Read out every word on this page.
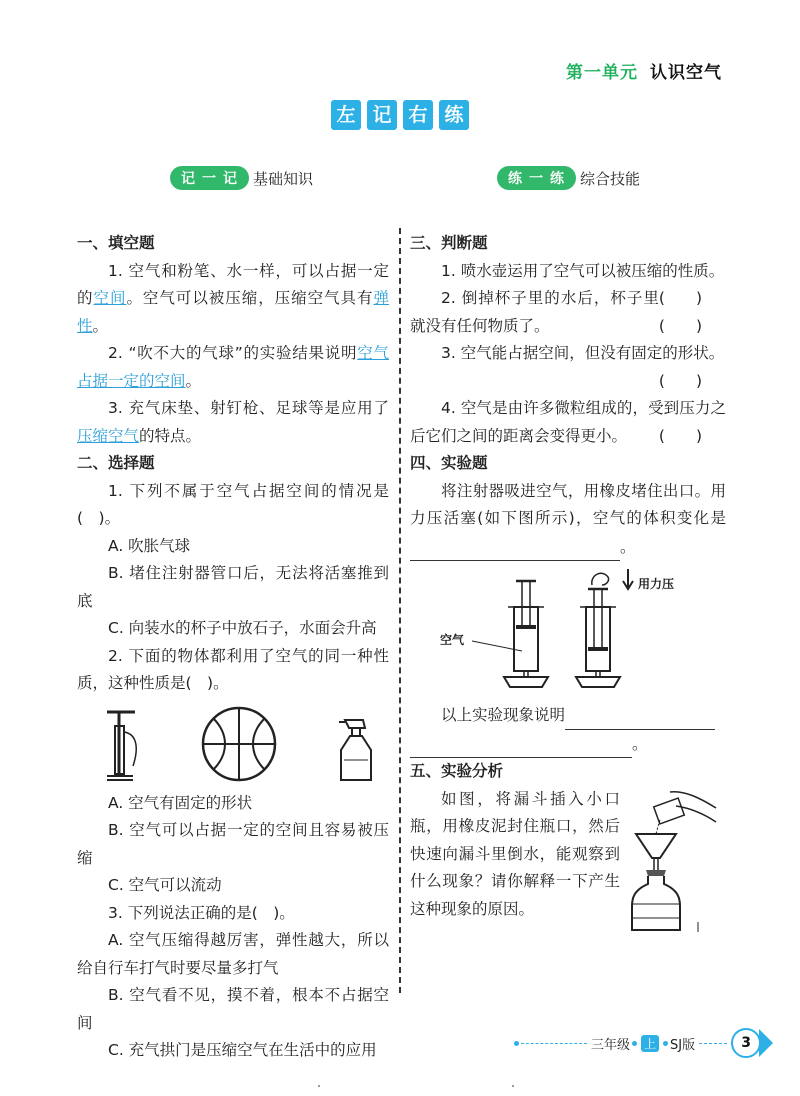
第一单元 认识空气
左 记 右 练
记 一 记 基础知识	练 一 练 综合技能
一、填空题

1. 空气和粉笔、水一样，可以占据一定的空间。空气可以被压缩，压缩空气具有弹性。

2. “吹不大的气球”的实验结果说明空气占据一定的空间。

3. 充气床垫、射钉枪、足球等是应用了压缩空气的特点。

二、选择题

1. 下列不属于空气占据空间的情况是(　)。

A. 吹胀气球

B. 堵住注射器管口后，无法将活塞推到底

C. 向装水的杯子中放石子，水面会升高

2. 下面的物体都利用了空气的同一种性质，这种性质是(　)。

A. 空气有固定的形状

B. 空气可以占据一定的空间且容易被压缩

C. 空气可以流动

3. 下列说法正确的是(　)。

A. 空气压缩得越厉害，弹性越大，所以给自行车打气时要尽量多打气

B. 空气看不见，摸不着，根本不占据空间

C. 充气拱门是压缩空气在生活中的应用

三、判断题

1. 喷水壶运用了空气可以被压缩的性质。
(　　)

2. 倒掉杯子里的水后，杯子里就没有任何物质了。	(　　)

3. 空气能占据空间，但没有固定的形状。

(　　)

4. 空气是由许多微粒组成的，受到压力之后它们之间的距离会变得更小。 (　　)

四、实验题

将注射器吸进空气，用橡皮堵住出口。用力压活塞(如下图所示)，空气的体积变化是 。

空气
用力压

以上实验现象说明

。

五、实验分析

如图，将漏斗插入小口瓶，用橡皮泥封住瓶口，然后快速向漏斗里倒水，能观察到什么现象？请你解释一下产生这种现象的原因。

三年级 上 SJ版	3
